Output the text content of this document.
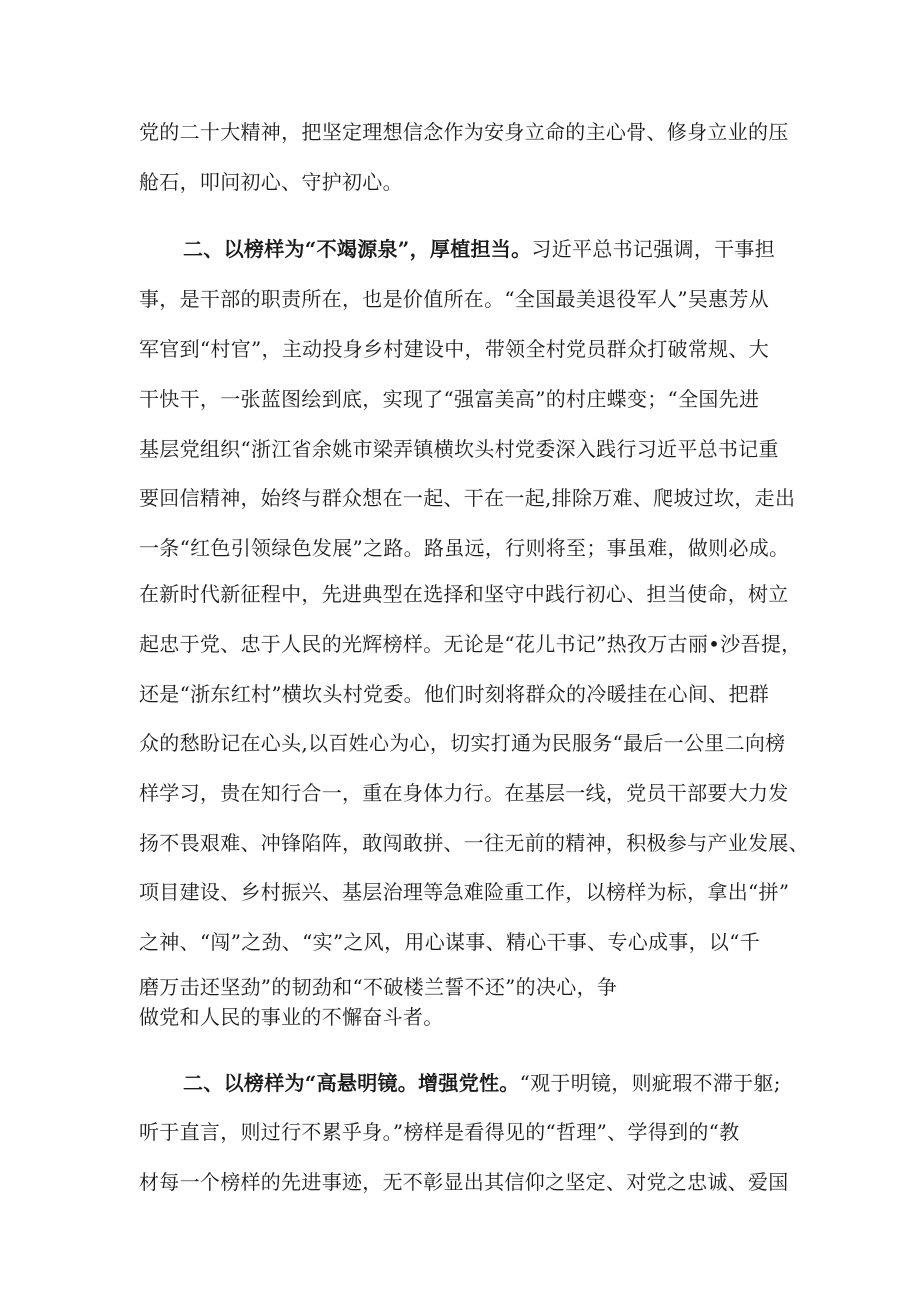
党的二十大精神，把坚定理想信念作为安身立命的主心骨、修身立业的压
舱石，叩问初心、守护初心。
二、以榜样为“不竭源泉”，厚植担当。习近平总书记强调，干事担
事，是干部的职责所在，也是价值所在。“全国最美退役军人”吴惠芳从
军官到“村官”，主动投身乡村建设中，带领全村党员群众打破常规、大
干快干，一张蓝图绘到底，实现了“强富美高”的村庄蝶变；“全国先进
基层党组织“浙江省余姚市梁弄镇横坎头村党委深入践行习近平总书记重
要回信精神，始终与群众想在一起、干在一起,排除万难、爬坡过坎，走出
一条“红色引领绿色发展”之路。路虽远，行则将至；事虽难，做则必成。
在新时代新征程中，先进典型在选择和坚守中践行初心、担当使命，树立
起忠于党、忠于人民的光辉榜样。无论是“花儿书记”热孜万古丽•沙吾提，
还是“浙东红村”横坎头村党委。他们时刻将群众的冷暖挂在心间、把群
众的愁盼记在心头,以百姓心为心，切实打通为民服务“最后一公里二向榜
样学习，贵在知行合一，重在身体力行。在基层一线，党员干部要大力发
扬不畏艰难、冲锋陷阵，敢闯敢拼、一往无前的精神，积极参与产业发展、
项目建设、乡村振兴、基层治理等急难险重工作，以榜样为标，拿出“拼”
之神、“闯”之劲、“实”之风，用心谋事、精心干事、专心成事，以“千
磨万击还坚劲”的韧劲和“不破楼兰誓不还”的决心，争
做党和人民的事业的不懈奋斗者。
二、以榜样为“高悬明镜。增强党性。“观于明镜，则疵瑕不滞于躯;
听于直言，则过行不累乎身。”榜样是看得见的“哲理”、学得到的“教
材每一个榜样的先进事迹，无不彰显出其信仰之坚定、对党之忠诚、爱国
